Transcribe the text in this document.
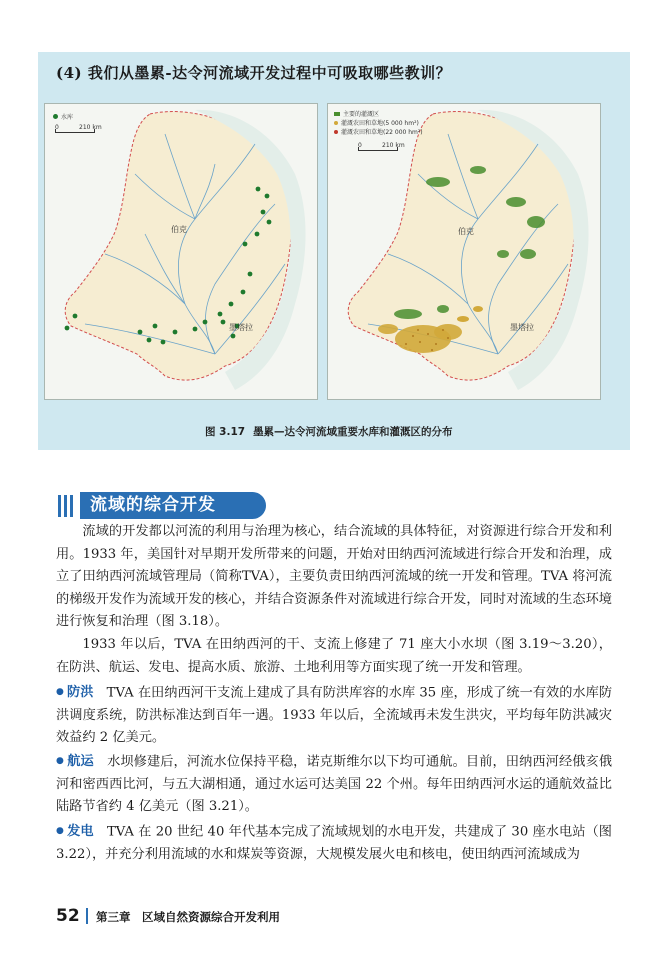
(4) 我们从墨累-达令河流域开发过程中可吸取哪些教训？
水库
0	210 km
伯克
墨塔拉
主要的灌溉区
灌溉农田和草地(5 000 hm²)
灌溉农田和草地(22 000 hm²)
0	210 km
伯克
墨塔拉
图 3.17 墨累—达令河流域重要水库和灌溉区的分布
流域的综合开发
流域的开发都以河流的利用与治理为核心，结合流域的具体特征，对资源进行综合开发和利用。1933 年，美国针对早期开发所带来的问题，开始对田纳西河流域进行综合开发和治理，成立了田纳西河流域管理局（简称TVA），主要负责田纳西河流域的统一开发和管理。TVA 将河流的梯级开发作为流域开发的核心，并结合资源条件对流域进行综合开发，同时对流域的生态环境进行恢复和治理（图 3.18）。
1933 年以后，TVA 在田纳西河的干、支流上修建了 71 座大小水坝（图 3.19～3.20），在防洪、航运、发电、提高水质、旅游、土地利用等方面实现了统一开发和管理。
● 防洪　 TVA 在田纳西河干支流上建成了具有防洪库容的水库 35 座，形成了统一有效的水库防洪调度系统，防洪标准达到百年一遇。1933 年以后，全流域再未发生洪灾，平均每年防洪减灾效益约 2 亿美元。
● 航运　 水坝修建后，河流水位保持平稳，诺克斯维尔以下均可通航。目前，田纳西河经俄亥俄河和密西西比河，与五大湖相通，通过水运可达美国 22 个州。每年田纳西河水运的通航效益比陆路节省约 4 亿美元（图 3.21）。
● 发电　 TVA 在 20 世纪 40 年代基本完成了流域规划的水电开发，共建成了 30 座水电站（图 3.22），并充分利用流域的水和煤炭等资源，大规模发展火电和核电，使田纳西河流域成为
52 第三章　区域自然资源综合开发利用
